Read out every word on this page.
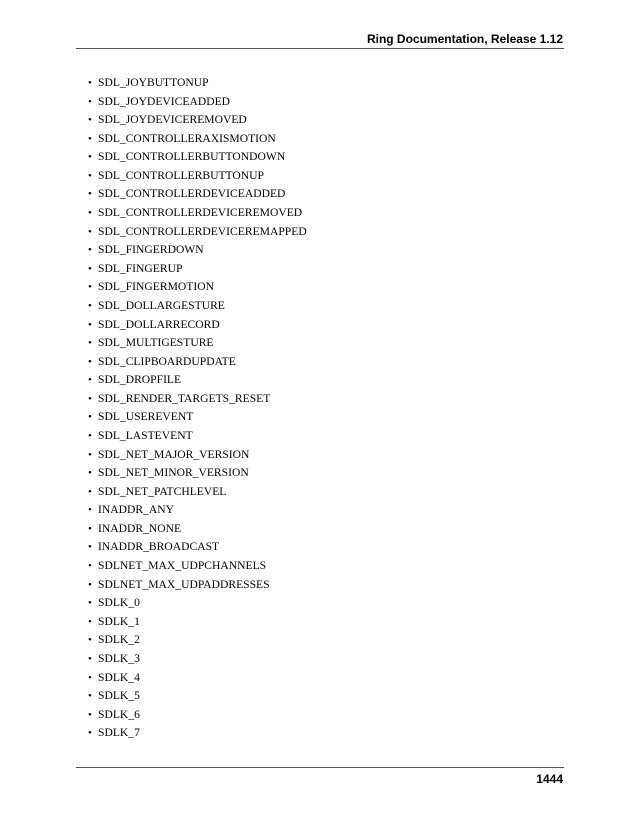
Ring Documentation, Release 1.12
• SDL_JOYBUTTONUP
• SDL_JOYDEVICEADDED
• SDL_JOYDEVICEREMOVED
• SDL_CONTROLLERAXISMOTION
• SDL_CONTROLLERBUTTONDOWN
• SDL_CONTROLLERBUTTONUP
• SDL_CONTROLLERDEVICEADDED
• SDL_CONTROLLERDEVICEREMOVED
• SDL_CONTROLLERDEVICEREMAPPED
• SDL_FINGERDOWN
• SDL_FINGERUP
• SDL_FINGERMOTION
• SDL_DOLLARGESTURE
• SDL_DOLLARRECORD
• SDL_MULTIGESTURE
• SDL_CLIPBOARDUPDATE
• SDL_DROPFILE
• SDL_RENDER_TARGETS_RESET
• SDL_USEREVENT
• SDL_LASTEVENT
• SDL_NET_MAJOR_VERSION
• SDL_NET_MINOR_VERSION
• SDL_NET_PATCHLEVEL
• INADDR_ANY
• INADDR_NONE
• INADDR_BROADCAST
• SDLNET_MAX_UDPCHANNELS
• SDLNET_MAX_UDPADDRESSES
• SDLK_0
• SDLK_1
• SDLK_2
• SDLK_3
• SDLK_4
• SDLK_5
• SDLK_6
• SDLK_7
1444
